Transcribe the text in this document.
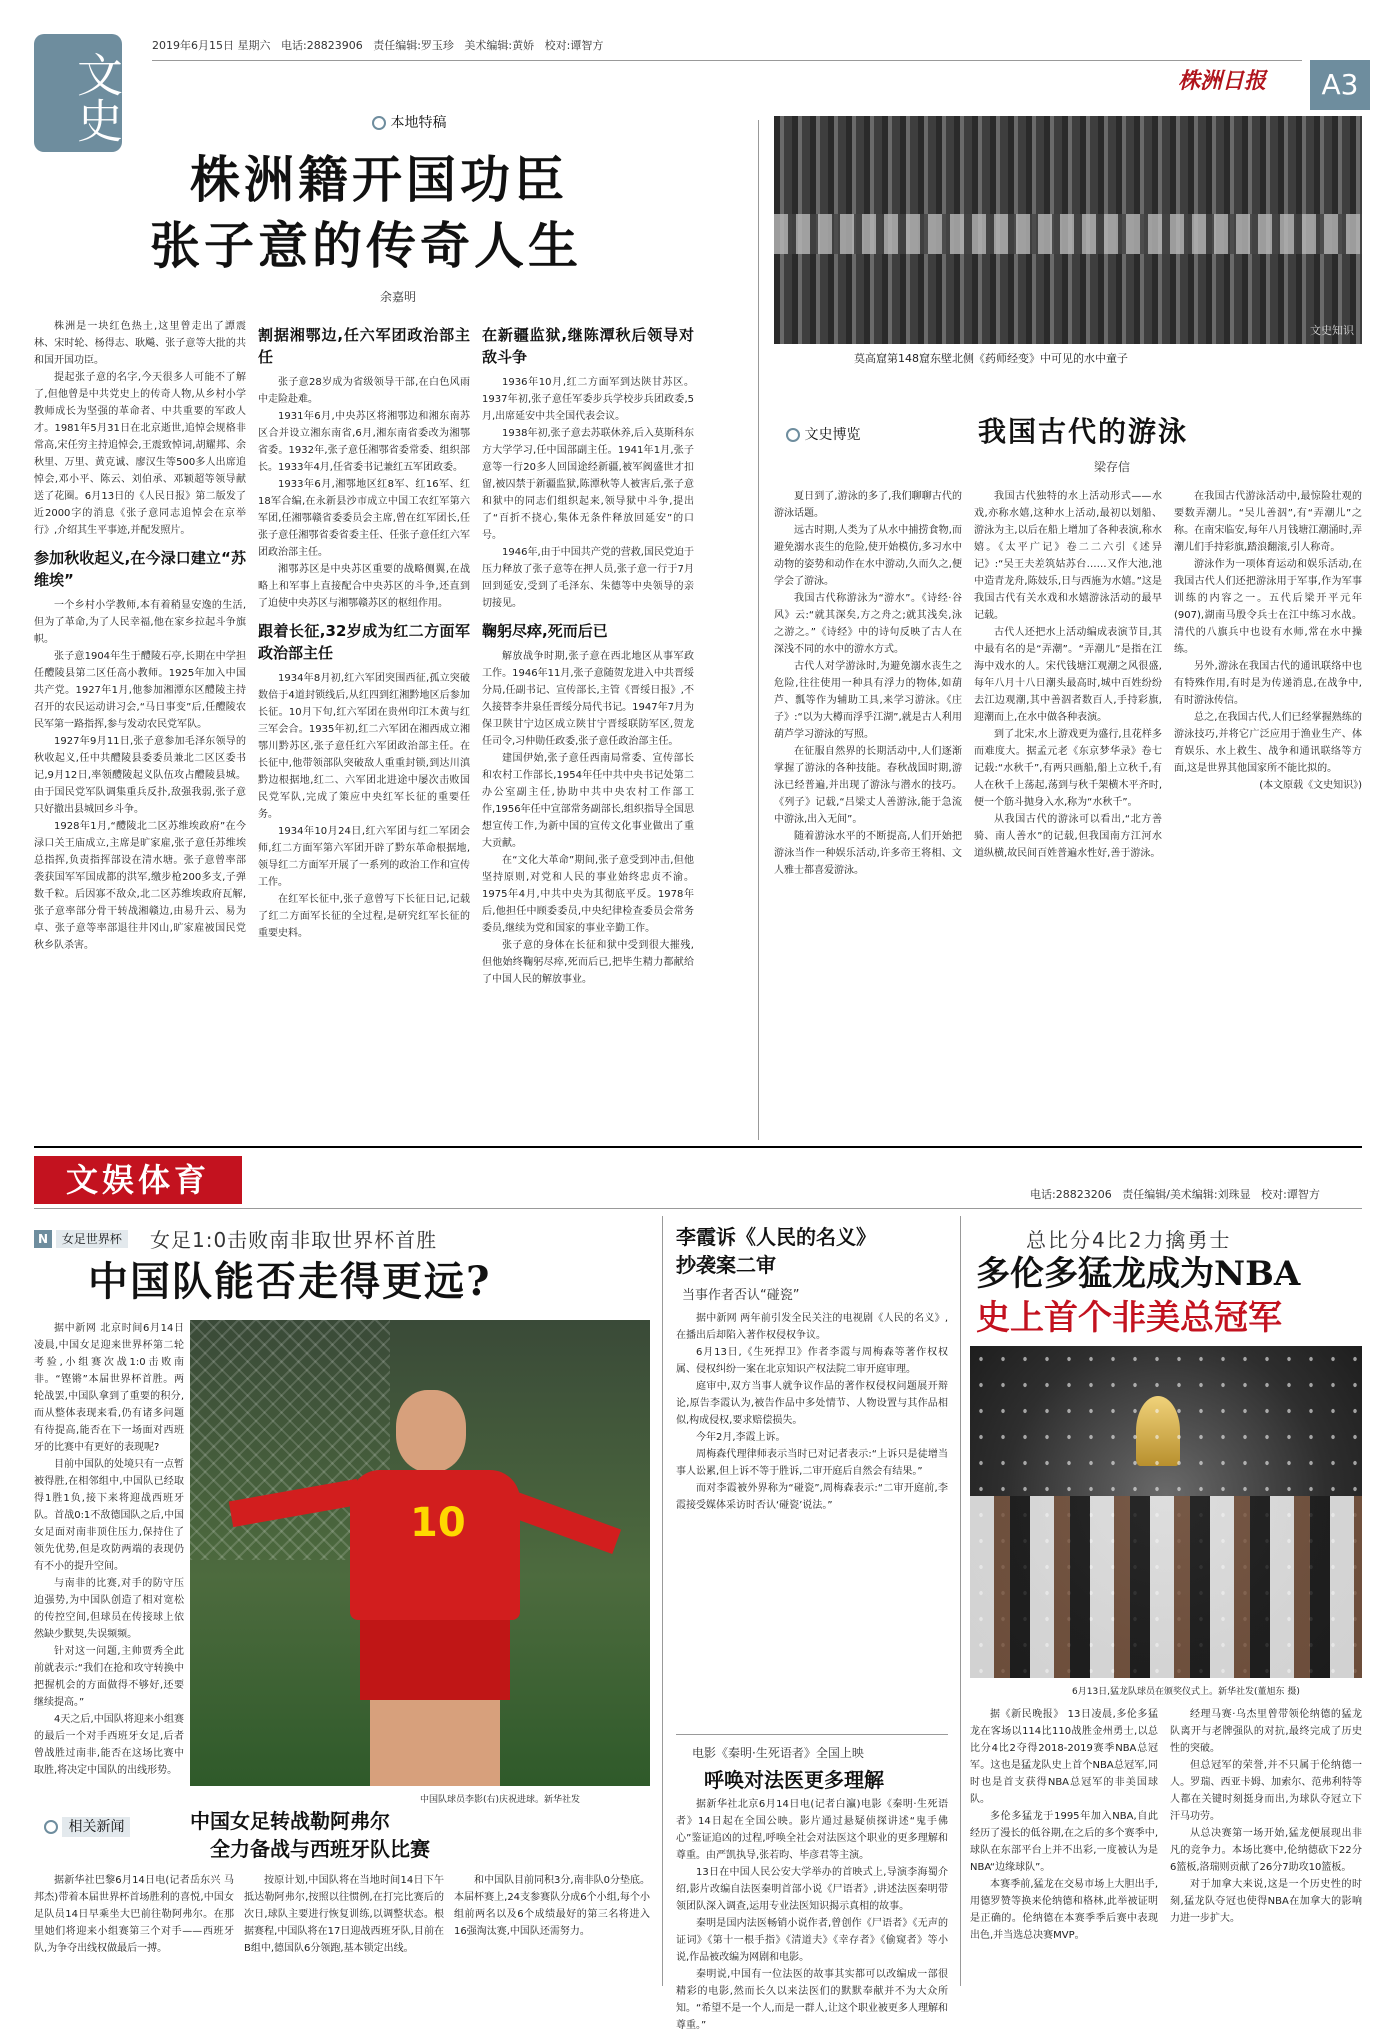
文史
2019年6月15日 星期六 电话:28823906 责任编辑:罗玉珍 美术编辑:黄娇 校对:谭智方
株洲日报	A3
本地特稿
株洲籍开国功臣
张子意的传奇人生
余嘉明

株洲是一块红色热土,这里曾走出了譚震林、宋时轮、杨得志、耿飚、张子意等大批的共和国开国功臣。

提起张子意的名字,今天很多人可能不了解了,但他曾是中共党史上的传奇人物,从乡村小学教师成长为坚强的革命者、中共重要的军政人才。1981年5月31日在北京逝世,追悼会规格非常高,宋任穷主持追悼会,王震致悼词,胡耀邦、余秋里、万里、黄克诚、廖汉生等500多人出席追悼会,邓小平、陈云、刘伯承、邓颖超等领导献送了花圈。6月13日的《人民日报》第二版发了近2000字的消息《张子意同志追悼会在京举行》,介绍其生平事迹,并配发照片。

参加秋收起义,在今渌口建立“苏维埃”

一个乡村小学教师,本有着稍显安逸的生活,但为了革命,为了人民幸福,他在家乡拉起斗争旗帜。

张子意1904年生于醴陵石亭,长期在中学担任醴陵县第二区任高小教师。1925年加入中国共产党。1927年1月,他参加湘潭东区醴陵主持召开的农民运动讲习会,“马日事变”后,任醴陵农民军第一路指挥,参与发动农民党军队。

1927年9月11日,张子意参加毛泽东领导的秋收起义,任中共醴陵县委委员兼北二区区委书记,9月12日,率领醴陵起义队伍攻占醴陵县城。由于国民党军队调集重兵反扑,敌强我弱,张子意只好撤出县城回乡斗争。

1928年1月,“醴陵北二区苏维埃政府”在今渌口关王庙成立,主席是旷家雇,张子意任苏维埃总指挥,负责指挥部设在清水塘。张子意曾率部袭获国军军国成都的洪军,缴步枪200多支,子弹数千粒。后因寡不敌众,北二区苏维埃政府瓦解,张子意率部分骨干转战湘赣边,由易升云、易为卓、张子意等率部退往井冈山,旷家雇被国民党秋乡队杀害。

割据湘鄂边,任六军团政治部主任

张子意28岁成为省级领导干部,在白色风雨中走险赴难。

1931年6月,中央苏区将湘鄂边和湘东南苏区合并设立湘东南省,6月,湘东南省委改为湘鄂省委。1932年,张子意任湘鄂省委常委、组织部长。1933年4月,任省委书记兼红五军团政委。

1933年6月,湘鄂地区红8军、红16军、红18军合编,在永新县沙市成立中国工农红军第六军团,任湘鄂赣省委委员会主席,曾在红军团长,任张子意任湘鄂省委省委主任、任张子意任红六军团政治部主任。

湘鄂苏区是中央苏区重要的战略侧翼,在战略上和军事上直接配合中央苏区的斗争,还直到了迫使中央苏区与湘鄂赣苏区的枢纽作用。

跟着长征,32岁成为红二方面军政治部主任

1934年8月初,红六军团突围西征,孤立突破数倍于4道封锁线后,从红四到红湘黔地区后参加长征。10月下旬,红六军团在贵州印江木黄与红三军会合。1935年初,红二六军团在湘西成立湘鄂川黔苏区,张子意任红六军团政治部主任。在长征中,他带领部队突破敌人重重封锁,到达川滇黔边根据地,红二、六军团北进途中屡次击败国民党军队,完成了策应中央红军长征的重要任务。

1934年10月24日,红六军团与红二军团会师,红二方面军第六军团开辟了黔东革命根据地,领导红二方面军开展了一系列的政治工作和宣传工作。

在红军长征中,张子意曾写下长征日记,记载了红二方面军长征的全过程,是研究红军长征的重要史料。

在新疆监狱,继陈潭秋后领导对敌斗争

1936年10月,红二方面军到达陕甘苏区。1937年初,张子意任军委步兵学校步兵团政委,5月,出席延安中共全国代表会议。

1938年初,张子意去苏联休养,后入莫斯科东方大学学习,任中国部副主任。1941年1月,张子意等一行20多人回国途经新疆,被军阀盛世才扣留,被囚禁于新疆监狱,陈潭秋等人被害后,张子意和狱中的同志们组织起来,领导狱中斗争,提出了“百折不挠心,集体无条件释放回延安”的口号。

1946年,由于中国共产党的营救,国民党迫于压力释放了张子意等在押人员,张子意一行于7月回到延安,受到了毛泽东、朱德等中央领导的亲切接见。

鞠躬尽瘁,死而后已

解放战争时期,张子意在西北地区从事军政工作。1946年11月,张子意随贺龙进入中共晋绥分局,任副书记、宣传部长,主管《晋绥日报》,不久接替李井泉任晋绥分局代书记。1947年7月为保卫陕甘宁边区成立陕甘宁晋绥联防军区,贺龙任司令,习仲勋任政委,张子意任政治部主任。

建国伊始,张子意任西南局常委、宣传部长和农村工作部长,1954年任中共中央书记处第二办公室副主任,协助中共中央农村工作部工作,1956年任中宣部常务副部长,组织指导全国思想宣传工作,为新中国的宣传文化事业做出了重大贡献。

在“文化大革命”期间,张子意受到冲击,但他坚持原则,对党和人民的事业始终忠贞不渝。1975年4月,中共中央为其彻底平反。1978年后,他担任中顾委委员,中央纪律检查委员会常务委员,继续为党和国家的事业辛勤工作。

张子意的身体在长征和狱中受到很大摧残,但他始终鞠躬尽瘁,死而后已,把毕生精力都献给了中国人民的解放事业。

文史知识
莫高窟第148窟东壁北侧《药师经变》中可见的水中童子
文史博览	我国古代的游泳
梁存信

夏日到了,游泳的多了,我们聊聊古代的游泳话题。

远古时期,人类为了从水中捕捞食物,而避免溺水丧生的危险,使开始模仿,多习水中动物的姿势和动作在水中游动,久而久之,便学会了游泳。

我国古代称游泳为“游水”。《诗经·谷风》云:“就其深矣,方之舟之;就其浅矣,泳之游之。”《诗经》中的诗句反映了古人在深浅不同的水中的游水方式。

古代人对学游泳时,为避免溺水丧生之危险,往往使用一种具有浮力的物体,如葫芦、瓢等作为辅助工具,来学习游泳。《庄子》:“以为大樽而浮乎江湖”,就是古人利用葫芦学习游泳的写照。

在征服自然界的长期活动中,人们逐渐掌握了游泳的各种技能。春秋战国时期,游泳已经普遍,并出现了游泳与潜水的技巧。《列子》记载,“吕梁丈人善游泳,能于急流中游泳,出入无间”。

随着游泳水平的不断提高,人们开始把游泳当作一种娱乐活动,许多帝王将相、文人雅士都喜爱游泳。

我国古代独特的水上活动形式——水戏,亦称水嬉,这种水上活动,最初以划船、游泳为主,以后在船上增加了各种表演,称水嬉。《太平广记》卷二二六引《述异记》:“吴王夫差筑姑苏台……又作大池,池中造青龙舟,陈妓乐,日与西施为水嬉。”这是我国古代有关水戏和水嬉游泳活动的最早记载。

古代人还把水上活动编成表演节目,其中最有名的是“弄潮”。“弄潮儿”是指在江海中戏水的人。宋代钱塘江观潮之风很盛,每年八月十八日潮头最高时,城中百姓纷纷去江边观潮,其中善泅者数百人,手持彩旗,迎潮而上,在水中做各种表演。

到了北宋,水上游戏更为盛行,且花样多而难度大。据孟元老《东京梦华录》卷七记载:“水秋千”,有两只画船,船上立秋千,有人在秋千上荡起,荡到与秋千架横木平齐时,便一个筋斗抛身入水,称为“水秋千”。

从我国古代的游泳可以看出,“北方善骑、南人善水”的记载,但我国南方江河水道纵横,故民间百姓普遍水性好,善于游泳。

在我国古代游泳活动中,最惊险壮观的要数弄潮儿。“吴儿善泅”,有“弄潮儿”之称。在南宋临安,每年八月钱塘江潮涌时,弄潮儿们手持彩旗,踏浪翻滚,引人称奇。

游泳作为一项体育运动和娱乐活动,在我国古代人们还把游泳用于军事,作为军事训练的内容之一。五代后梁开平元年(907),湖南马殷令兵士在江中练习水战。清代的八旗兵中也设有水师,常在水中操练。

另外,游泳在我国古代的通讯联络中也有特殊作用,有时是为传递消息,在战争中,有时游泳传信。

总之,在我国古代,人们已经掌握熟练的游泳技巧,并将它广泛应用于渔业生产、体育娱乐、水上救生、战争和通讯联络等方面,这是世界其他国家所不能比拟的。

(本文原载《文史知识》)

文娱体育	电话:28823206 责任编辑/美术编辑:刘珠显 校对:谭智方
N 女足世界杯	女足1:0击败南非取世界杯首胜
中国队能否走得更远?

据中新网 北京时间6月14日凌晨,中国女足迎来世界杯第二轮考验,小组赛次战1:0击败南非。“铿锵”本届世界杯首胜。两轮战罢,中国队拿到了重要的积分,而从整体表现来看,仍有诸多问题有待提高,能否在下一场面对西班牙的比赛中有更好的表现呢?

目前中国队的处境只有一点暂被得胜,在相邻组中,中国队已经取得1胜1负,接下来将迎战西班牙队。首战0:1不敌德国队之后,中国女足面对南非顶住压力,保持住了领先优势,但是攻防两端的表现仍有不小的提升空间。

与南非的比赛,对手的防守压迫强势,为中国队创造了相对宽松的传控空间,但球员在传接球上依然缺少默契,失误频频。

针对这一问题,主帅贾秀全此前就表示:“我们在抢和攻守转换中把握机会的方面做得不够好,还要继续提高。”

4天之后,中国队将迎来小组赛的最后一个对手西班牙女足,后者曾战胜过南非,能否在这场比赛中取胜,将决定中国队的出线形势。

10
中国队球员李影(右)庆祝进球。新华社发
相关新闻	中国女足转战勒阿弗尔
全力备战与西班牙队比赛
据新华社巴黎6月14日电(记者岳东兴 马邦杰)带着本届世界杯首场胜利的喜悦,中国女足队员14日早乘坐大巴前往勒阿弗尔。在那里她们将迎来小组赛第三个对手——西班牙队,为争夺出线权做最后一搏。
按原计划,中国队将在当地时间14日下午抵达勒阿弗尔,按照以往惯例,在打完比赛后的次日,球队主要进行恢复训练,以调整状态。根据赛程,中国队将在17日迎战西班牙队,目前在B组中,德国队6分领跑,基本锁定出线。
和中国队目前同积3分,南非队0分垫底。本届杯赛上,24支参赛队分成6个小组,每个小组前两名以及6个成绩最好的第三名将进入16强淘汰赛,中国队还需努力。
李霞诉《人民的名义》
抄袭案二审
当事作者否认“碰瓷”

据中新网 两年前引发全民关注的电视剧《人民的名义》,在播出后却陷入著作权侵权争议。

6月13日,《生死捍卫》作者李霞与周梅森等著作权权属、侵权纠纷一案在北京知识产权法院二审开庭审理。

庭审中,双方当事人就争议作品的著作权侵权问题展开辩论,原告李霞认为,被告作品中多处情节、人物设置与其作品相似,构成侵权,要求赔偿损失。

今年2月,李霞上诉。

周梅森代理律师表示当时已对记者表示:“上诉只是徒增当事人讼累,但上诉不等于胜诉,二审开庭后自然会有结果。”

而对李霞被外界称为“碰瓷”,周梅森表示:“二审开庭前,李霞接受媒体采访时否认‘碰瓷’说法。”

电影《秦明·生死语者》全国上映
呼唤对法医更多理解

据新华社北京6月14日电(记者白瀛)电影《秦明·生死语者》14日起在全国公映。影片通过悬疑侦探讲述“鬼手佛心”鉴证追凶的过程,呼唤全社会对法医这个职业的更多理解和尊重。由严凯执导,张若昀、毕彦君等主演。

13日在中国人民公安大学举办的首映式上,导演李海蜀介绍,影片改编自法医秦明首部小说《尸语者》,讲述法医秦明带领团队深入调查,运用专业法医知识揭示真相的故事。

秦明是国内法医畅销小说作者,曾创作《尸语者》《无声的证词》《第十一根手指》《清道夫》《幸存者》《偷窥者》等小说,作品被改编为网剧和电影。

秦明说,中国有一位法医的故事其实都可以改编成一部很精彩的电影,然而长久以来法医们的默默奉献并不为大众所知。“希望不是一个人,而是一群人,让这个职业被更多人理解和尊重。”

总比分4比2力擒勇士
多伦多猛龙成为NBA
史上首个非美总冠军
6月13日,猛龙队球员在颁奖仪式上。新华社发(董旭东 摄)

据《新民晚报》 13日凌晨,多伦多猛龙在客场以114比110战胜金州勇士,以总比分4比2夺得2018-2019赛季NBA总冠军。这也是猛龙队史上首个NBA总冠军,同时也是首支获得NBA总冠军的非美国球队。

多伦多猛龙于1995年加入NBA,自此经历了漫长的低谷期,在之后的多个赛季中,球队在东部平台上并不出彩,一度被认为是NBA“边缘球队”。

本赛季前,猛龙在交易市场上大胆出手,用德罗赞等换来伦纳德和格林,此举被证明是正确的。伦纳德在本赛季季后赛中表现出色,并当选总决赛MVP。

经理马赛·乌杰里曾带领伦纳德的猛龙队离开与老牌强队的对抗,最终完成了历史性的突破。

但总冠军的荣誉,并不只属于伦纳德一人。罗瑞、西亚卡姆、加索尔、范弗利特等人都在关键时刻挺身而出,为球队夺冠立下汗马功劳。

从总决赛第一场开始,猛龙便展现出非凡的竞争力。本场比赛中,伦纳德砍下22分6篮板,洛瑞则贡献了26分7助攻10篮板。

对于加拿大来说,这是一个历史性的时刻,猛龙队夺冠也使得NBA在加拿大的影响力进一步扩大。
